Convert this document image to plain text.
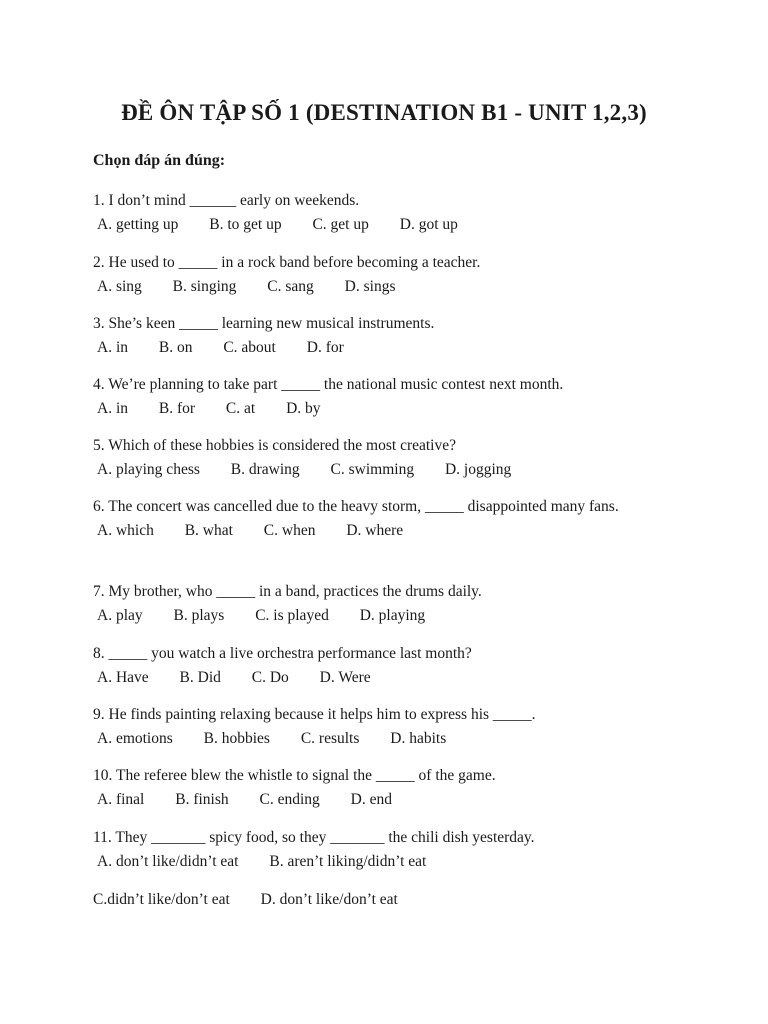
ĐỀ ÔN TẬP SỐ 1 (DESTINATION B1 - UNIT 1,2,3)
Chọn đáp án đúng:
1. I don’t mind ______ early on weekends.
A. getting up B. to get up C. get up D. got up
2. He used to _____ in a rock band before becoming a teacher.
A. sing B. singing C. sang D. sings
3. She’s keen _____ learning new musical instruments.
A. in B. on C. about D. for
4. We’re planning to take part _____ the national music contest next month.
A. in B. for C. at D. by
5. Which of these hobbies is considered the most creative?
A. playing chess B. drawing C. swimming D. jogging
6. The concert was cancelled due to the heavy storm, _____ disappointed many fans.
A. which B. what C. when D. where
7. My brother, who _____ in a band, practices the drums daily.
A. play B. plays C. is played D. playing
8. _____ you watch a live orchestra performance last month?
A. Have B. Did C. Do D. Were
9. He finds painting relaxing because it helps him to express his _____.
A. emotions B. hobbies C. results D. habits
10. The referee blew the whistle to signal the _____ of the game.
A. final B. finish C. ending D. end
11. They _______ spicy food, so they _______ the chili dish yesterday.
A. don’t like/didn’t eat B. aren’t liking/didn’t eat
C.didn’t like/don’t eat D. don’t like/don’t eat
